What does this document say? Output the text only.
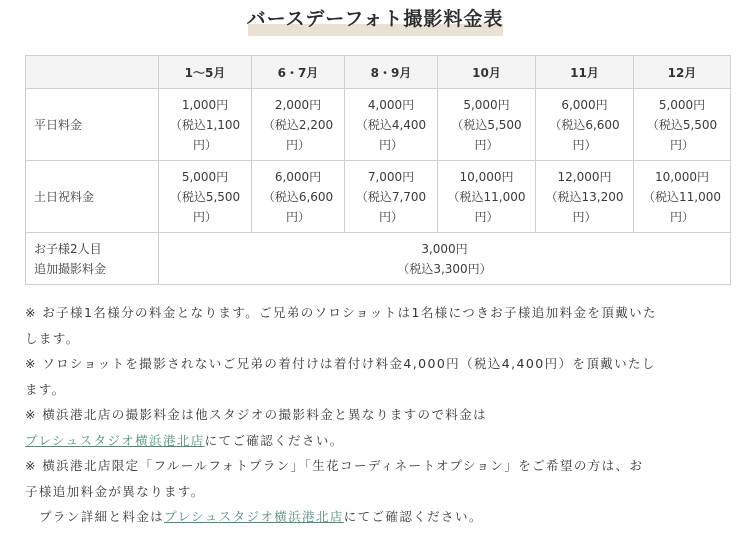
バースデーフォト撮影料金表
	1〜5月	6・7月	8・9月	10月	11月	12月
平日料金	1,000円
（税込1,100
円）	2,000円
（税込2,200
円）	4,000円
（税込4,400
円）	5,000円
（税込5,500
円）	6,000円
（税込6,600
円）	5,000円
（税込5,500
円）

土日祝料金	5,000円
（税込5,500
円）	6,000円
（税込6,600
円）	7,000円
（税込7,700
円）	10,000円
（税込11,000
円）	12,000円
（税込13,200
円）	10,000円
（税込11,000
円）

お子様2人目
追加撮影料金	3,000円
（税込3,300円）					

※ お子様1名様分の料金となります。ご兄弟のソロショットは1名様につきお子様追加料金を頂戴いた

します。

※ ソロショットを撮影されないご兄弟の着付けは着付け料金4,000円（税込4,400円）を頂戴いたし

ます。

※ 横浜港北店の撮影料金は他スタジオの撮影料金と異なりますので料金は

プレシュスタジオ横浜港北店にてご確認ください。

※ 横浜港北店限定「フルールフォトプラン」「生花コーディネートオプション」をご希望の方は、お

子様追加料金が異なります。

プラン詳細と料金はプレシュスタジオ横浜港北店にてご確認ください。
